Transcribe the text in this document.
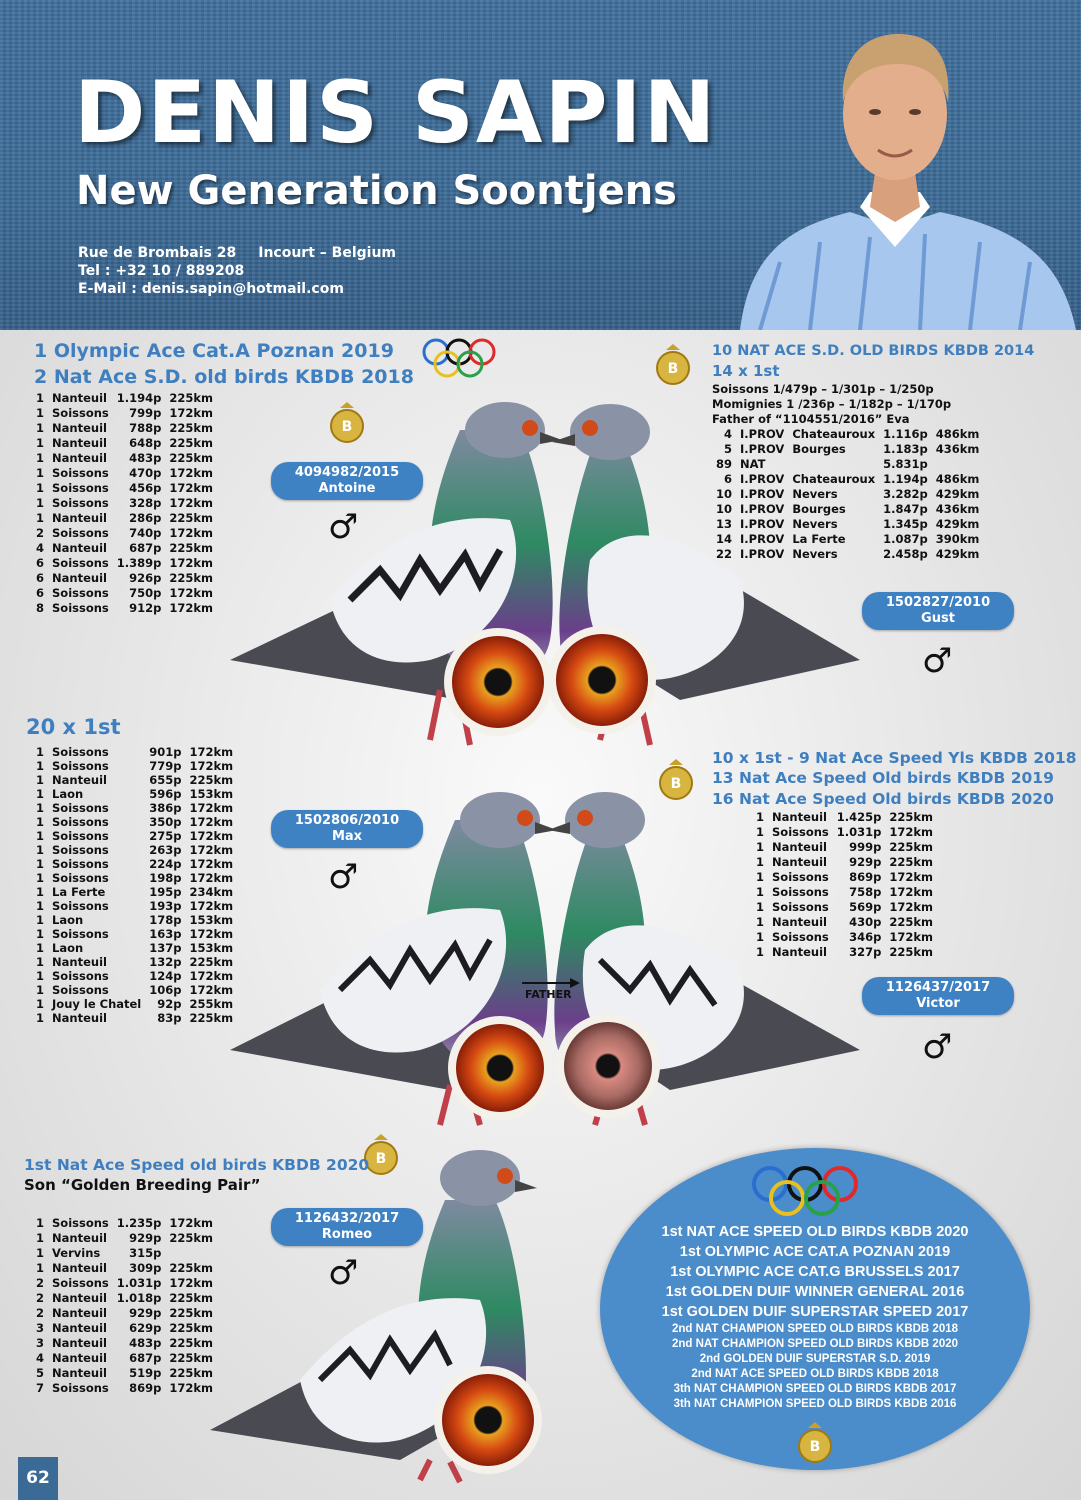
DENIS SAPIN
New Generation Soontjens
Rue de Brombais 28 Incourt – Belgium
Tel : +32 10 / 889208
E-Mail : denis.sapin@hotmail.com
B
B
B
B
1 Olympic Ace Cat.A Poznan 2019
2 Nat Ace S.D. old birds KBDB 2018
1	Nanteuil	1.194p	225km
1	Soissons	799p	172km
1	Nanteuil	788p	225km
1	Nanteuil	648p	225km
1	Nanteuil	483p	225km
1	Soissons	470p	172km
1	Soissons	456p	172km
1	Soissons	328p	172km
1	Nanteuil	286p	225km
2	Soissons	740p	172km
4	Nanteuil	687p	225km
6	Soissons	1.389p	172km
6	Nanteuil	926p	225km
6	Soissons	750p	172km
8	Soissons	912p	172km
4094982/2015
Antoine
♂
10 NAT ACE S.D. OLD BIRDS KBDB 2014
14 x 1st
Soissons 1/479p – 1/301p – 1/250p
Momignies 1 /236p – 1/182p – 1/170p
Father of “1104551/2016” Eva
4	I.PROV	Chateauroux	1.116p	486km
5	I.PROV	Bourges	1.183p	436km
89	NAT		5.831p	
6	I.PROV	Chateauroux	1.194p	486km
10	I.PROV	Nevers	3.282p	429km
10	I.PROV	Bourges	1.847p	436km
13	I.PROV	Nevers	1.345p	429km
14	I.PROV	La Ferte	1.087p	390km
22	I.PROV	Nevers	2.458p	429km
1502827/2010
Gust
♂
20 x 1st
1	Soissons	901p	172km
1	Soissons	779p	172km
1	Nanteuil	655p	225km
1	Laon	596p	153km
1	Soissons	386p	172km
1	Soissons	350p	172km
1	Soissons	275p	172km
1	Soissons	263p	172km
1	Soissons	224p	172km
1	Soissons	198p	172km
1	La Ferte	195p	234km
1	Soissons	193p	172km
1	Laon	178p	153km
1	Soissons	163p	172km
1	Laon	137p	153km
1	Nanteuil	132p	225km
1	Soissons	124p	172km
1	Soissons	106p	172km
1	Jouy le Chatel	92p	255km
1	Nanteuil	83p	225km
1502806/2010
Max
♂
10 x 1st - 9 Nat Ace Speed Yls KBDB 2018
13 Nat Ace Speed Old birds KBDB 2019
16 Nat Ace Speed Old birds KBDB 2020
1	Nanteuil	1.425p	225km
1	Soissons	1.031p	172km
1	Nanteuil	999p	225km
1	Nanteuil	929p	225km
1	Soissons	869p	172km
1	Soissons	758p	172km
1	Soissons	569p	172km
1	Nanteuil	430p	225km
1	Soissons	346p	172km
1	Nanteuil	327p	225km
1126437/2017
Victor
♂
FATHER
1st Nat Ace Speed old birds KBDB 2020
Son “Golden Breeding Pair”
1	Soissons	1.235p	172km
1	Nanteuil	929p	225km
1	Vervins	315p	
1	Nanteuil	309p	225km
2	Soissons	1.031p	172km
2	Nanteuil	1.018p	225km
2	Nanteuil	929p	225km
3	Nanteuil	629p	225km
3	Nanteuil	483p	225km
4	Nanteuil	687p	225km
5	Nanteuil	519p	225km
7	Soissons	869p	172km
1126432/2017
Romeo
♂
1st NAT ACE SPEED OLD BIRDS KBDB 2020
1st OLYMPIC ACE CAT.A POZNAN 2019
1st OLYMPIC ACE CAT.G BRUSSELS 2017
1st GOLDEN DUIF WINNER GENERAL 2016
1st GOLDEN DUIF SUPERSTAR SPEED 2017
2nd NAT CHAMPION SPEED OLD BIRDS KBDB 2018
2nd NAT CHAMPION SPEED OLD BIRDS KBDB 2020
2nd GOLDEN DUIF SUPERSTAR S.D. 2019
2nd NAT ACE SPEED OLD BIRDS KBDB 2018
3th NAT CHAMPION SPEED OLD BIRDS KBDB 2017
3th NAT CHAMPION SPEED OLD BIRDS KBDB 2016
B
62
